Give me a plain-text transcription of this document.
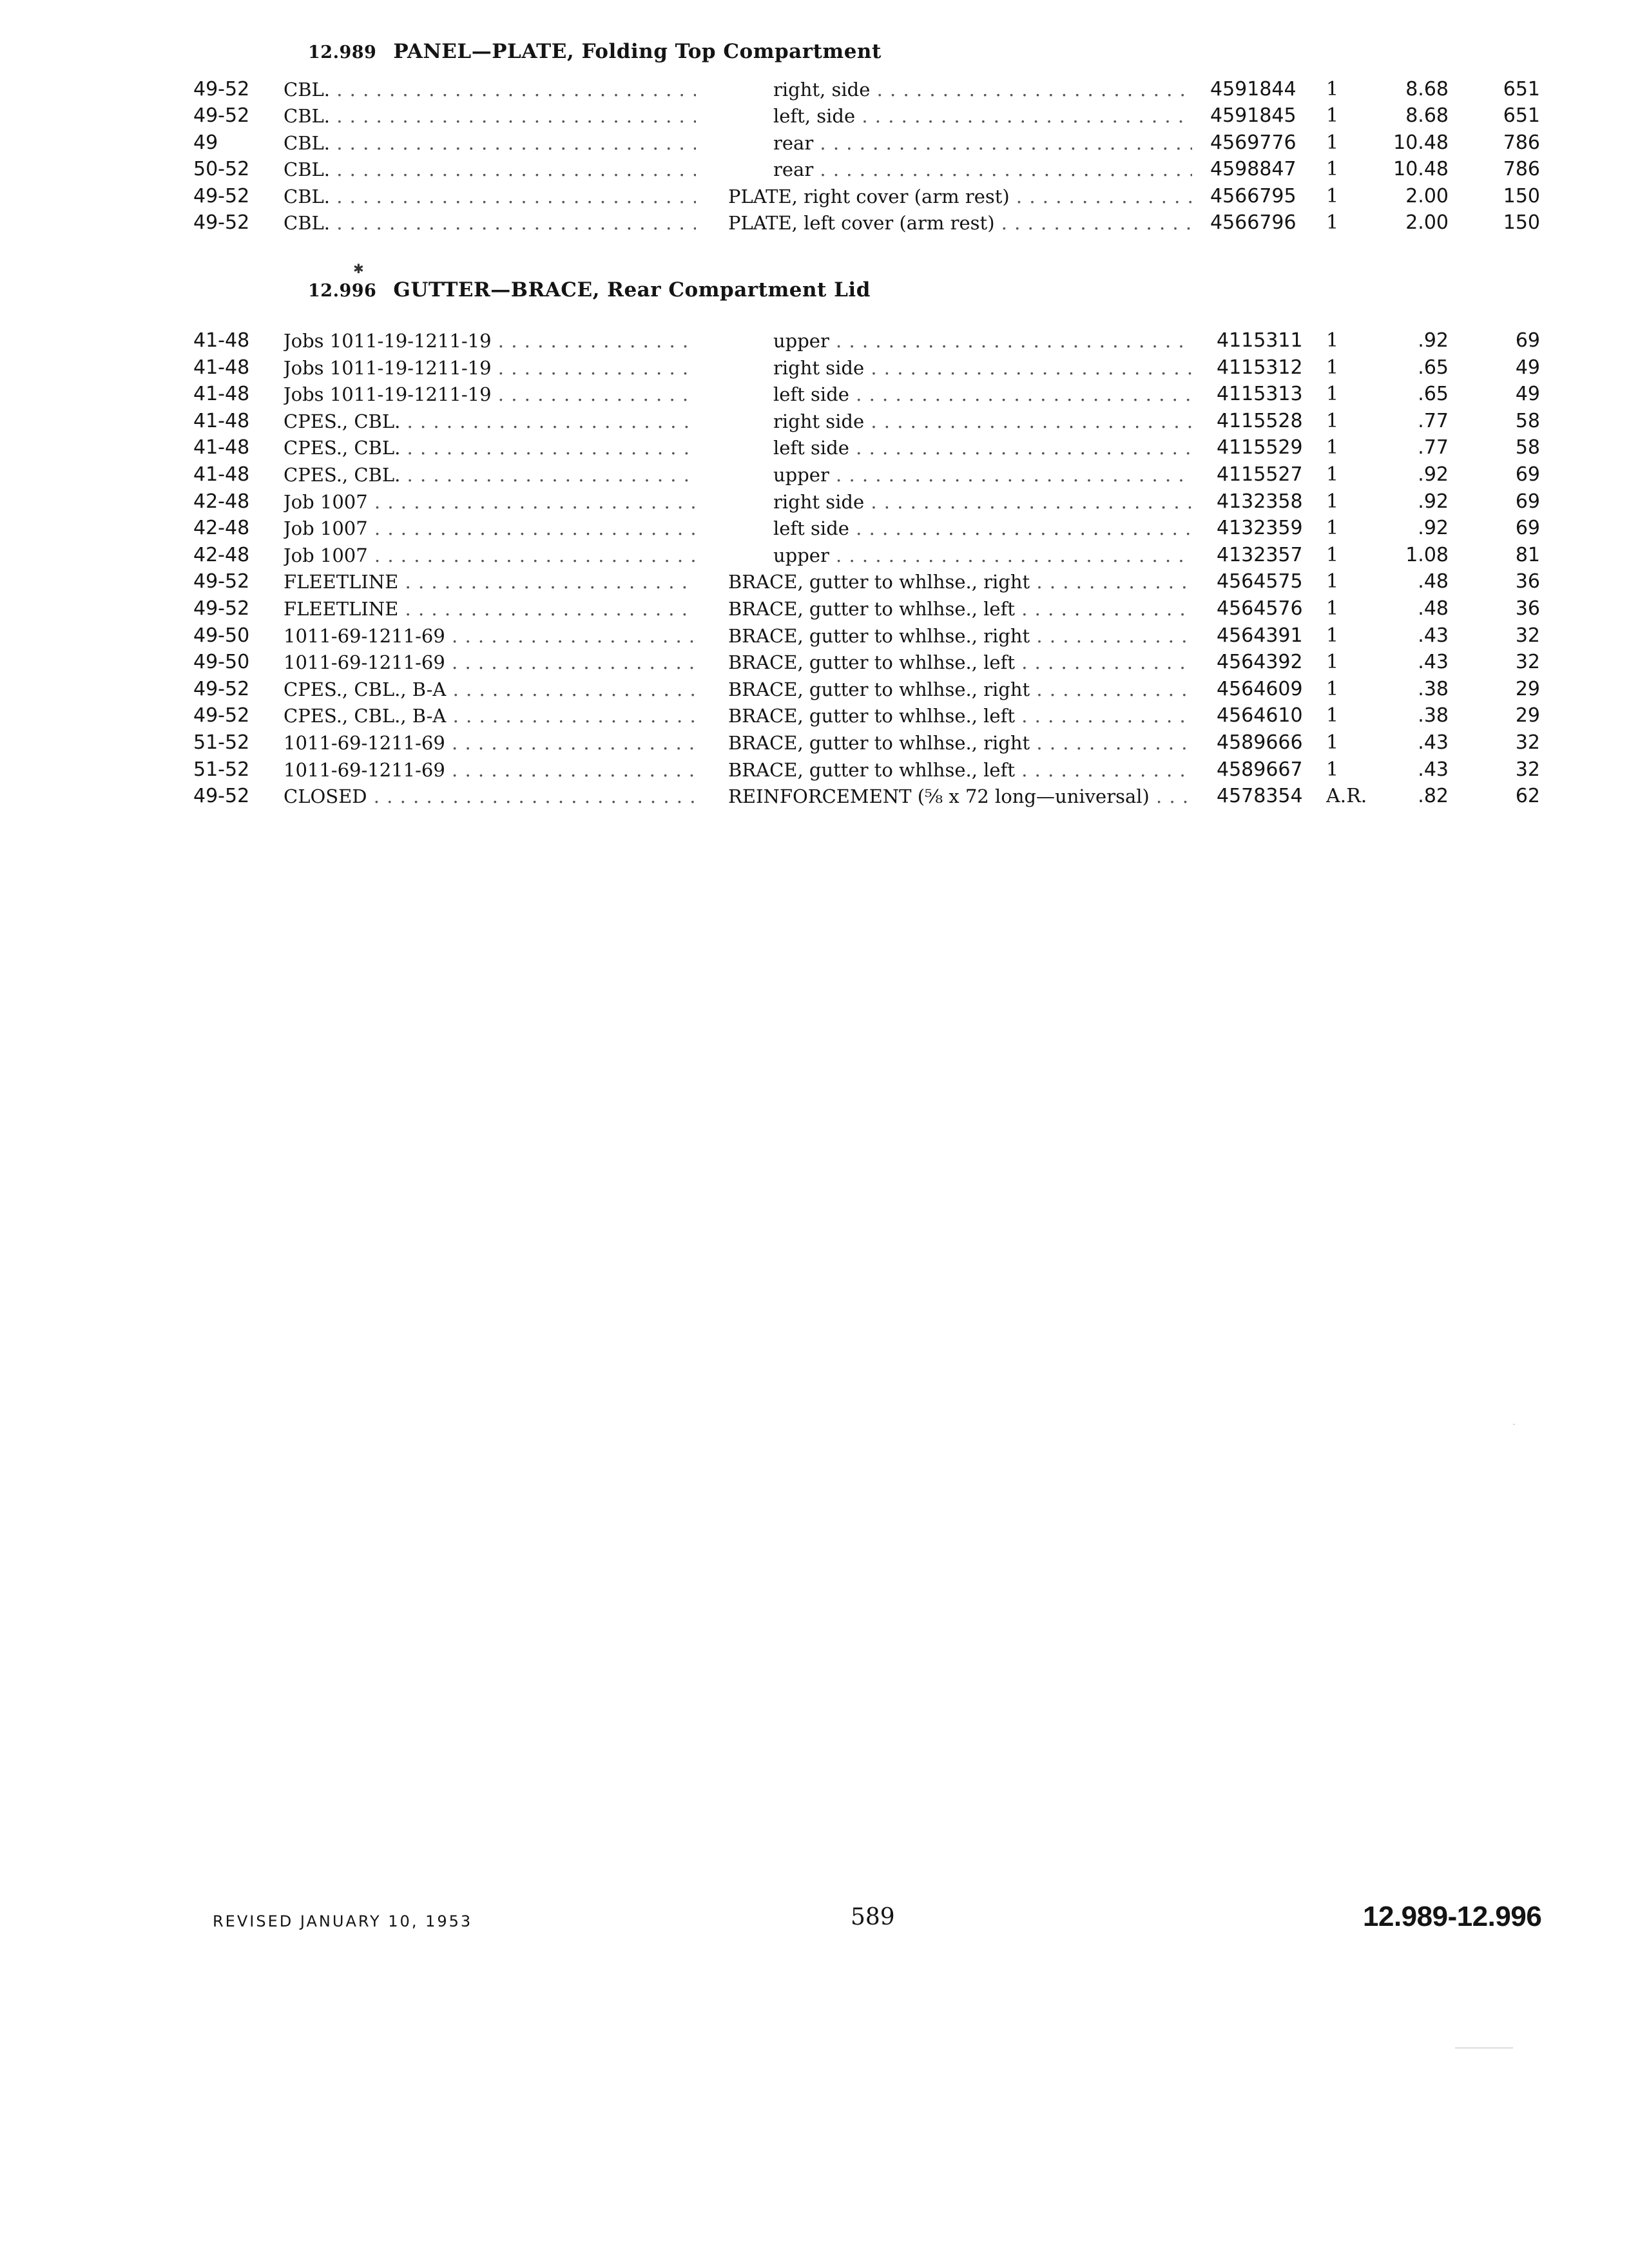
12.989 PANEL—PLATE, Folding Top Compartment
49-52	CBL. . . .	right, side . . .	4591844	1	8.68	651
49-52	CBL. . . .	left, side . . .	4591845	1	8.68	651
49	CBL. . . .	rear . . .	4569776	1	10.48	786
50-52	CBL. . . .	rear . . .	4598847	1	10.48	786
49-52	CBL. . . .	PLATE, right cover (arm rest) . . .	4566795	1	2.00	150
49-52	CBL. . . .	PLATE, left cover (arm rest) . . .	4566796	1	2.00	150
✱
12.996 GUTTER—BRACE, Rear Compartment Lid
41-48	Jobs 1011-19-1211-19 . . .	upper . . .	4115311	1	.92	69
41-48	Jobs 1011-19-1211-19 . . .	right side . . .	4115312	1	.65	49
41-48	Jobs 1011-19-1211-19 . . .	left side . . .	4115313	1	.65	49
41-48	CPES., CBL. . . .	right side . . .	4115528	1	.77	58
41-48	CPES., CBL. . . .	left side . . .	4115529	1	.77	58
41-48	CPES., CBL. . . .	upper . . .	4115527	1	.92	69
42-48	Job 1007 . . .	right side . . .	4132358	1	.92	69
42-48	Job 1007 . . .	left side . . .	4132359	1	.92	69
42-48	Job 1007 . . .	upper . . .	4132357	1	1.08	81
49-52	FLEETLINE . . .	BRACE, gutter to whlhse., right . . .	4564575	1	.48	36
49-52	FLEETLINE . . .	BRACE, gutter to whlhse., left . . .	4564576	1	.48	36
49-50	1011-69-1211-69 . . .	BRACE, gutter to whlhse., right . . .	4564391	1	.43	32
49-50	1011-69-1211-69 . . .	BRACE, gutter to whlhse., left . . .	4564392	1	.43	32
49-52	CPES., CBL., B-A . . .	BRACE, gutter to whlhse., right . . .	4564609	1	.38	29
49-52	CPES., CBL., B-A . . .	BRACE, gutter to whlhse., left . . .	4564610	1	.38	29
51-52	1011-69-1211-69 . . .	BRACE, gutter to whlhse., right . . .	4589666	1	.43	32
51-52	1011-69-1211-69 . . .	BRACE, gutter to whlhse., left . . .	4589667	1	.43	32
49-52	CLOSED . . .	REINFORCEMENT (⅝ x 72 long—universal) . . .	4578354	A.R.	.82	62
REVISED JANUARY 10, 1953	589	12.989-12.996
